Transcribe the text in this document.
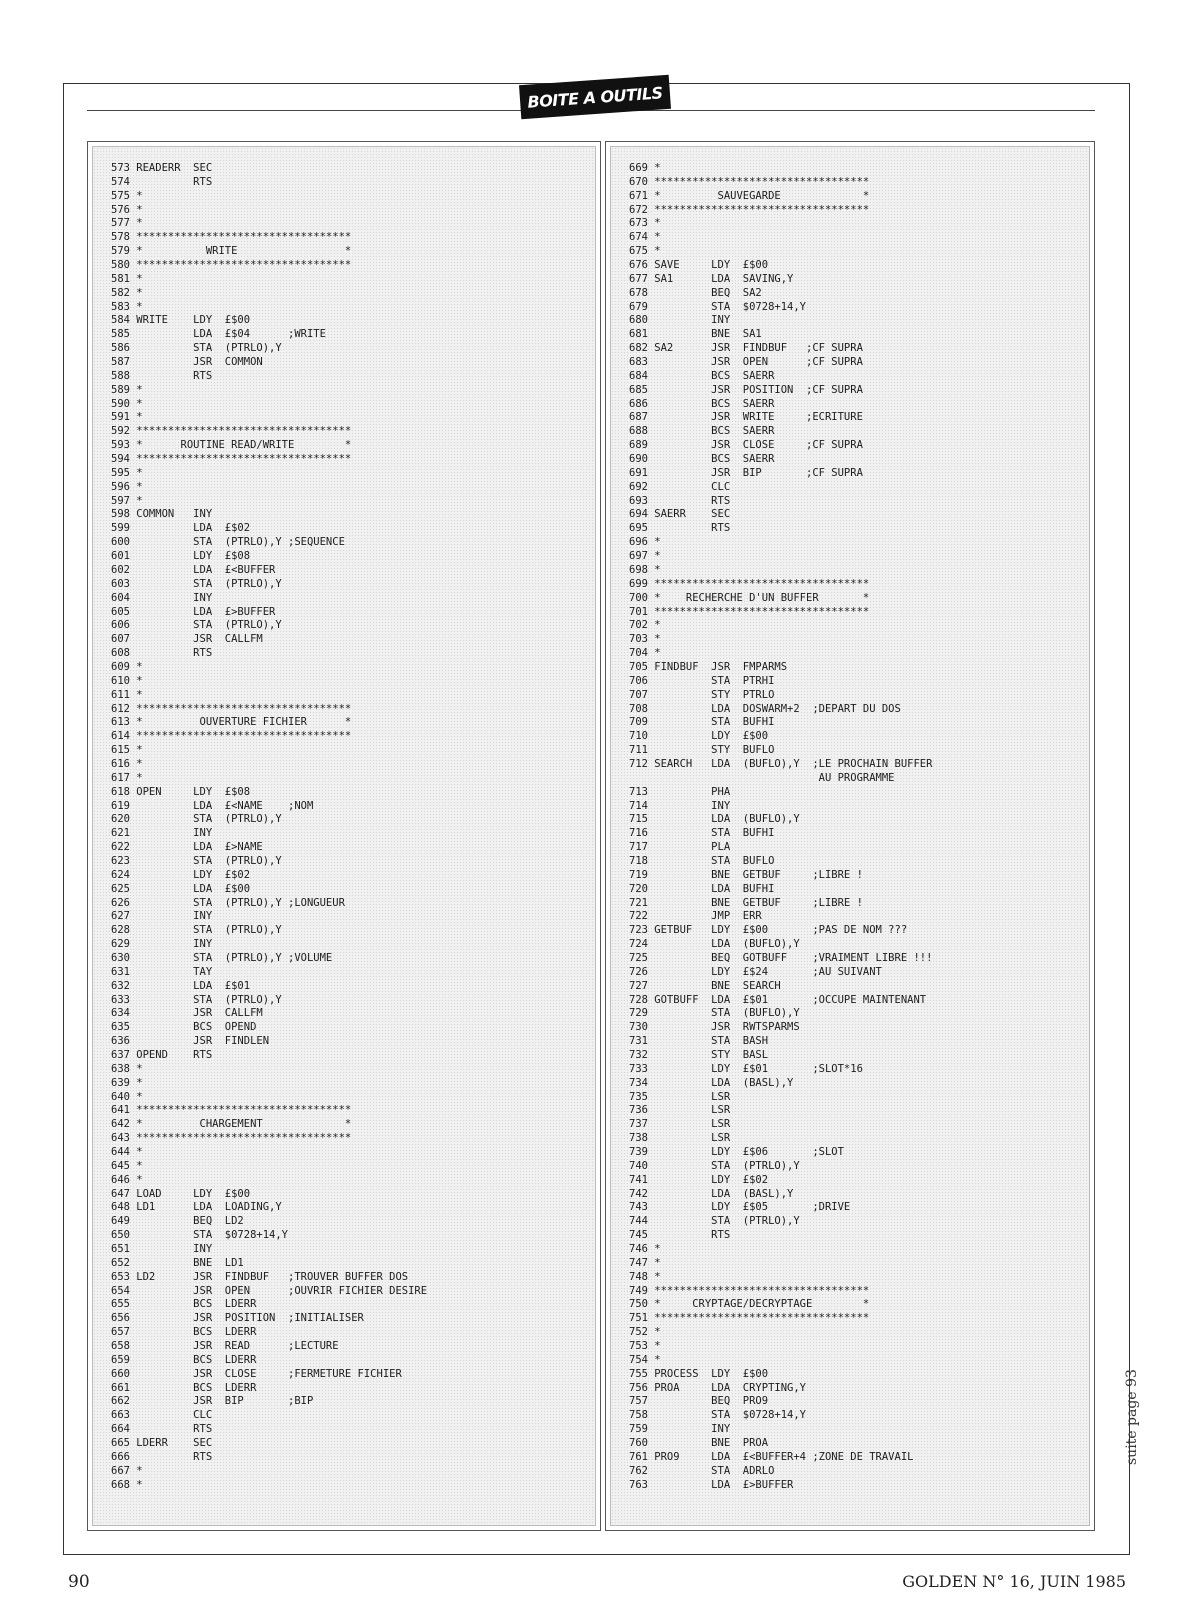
BOITE A OUTILS
573 READERR  SEC
574          RTS
575 *
576 *
577 *
578 **********************************
579 *          WRITE                 *
580 **********************************
581 *
582 *
583 *
584 WRITE    LDY  £$00
585          LDA  £$04      ;WRITE
586          STA  (PTRLO),Y
587          JSR  COMMON
588          RTS
589 *
590 *
591 *
592 **********************************
593 *      ROUTINE READ/WRITE        *
594 **********************************
595 *
596 *
597 *
598 COMMON   INY
599          LDA  £$02
600          STA  (PTRLO),Y ;SEQUENCE
601          LDY  £$08
602          LDA  £<BUFFER
603          STA  (PTRLO),Y
604          INY
605          LDA  £>BUFFER
606          STA  (PTRLO),Y
607          JSR  CALLFM
608          RTS
609 *
610 *
611 *
612 **********************************
613 *         OUVERTURE FICHIER      *
614 **********************************
615 *
616 *
617 *
618 OPEN     LDY  £$08
619          LDA  £<NAME    ;NOM
620          STA  (PTRLO),Y
621          INY
622          LDA  £>NAME
623          STA  (PTRLO),Y
624          LDY  £$02
625          LDA  £$00
626          STA  (PTRLO),Y ;LONGUEUR
627          INY
628          STA  (PTRLO),Y
629          INY
630          STA  (PTRLO),Y ;VOLUME
631          TAY
632          LDA  £$01
633          STA  (PTRLO),Y
634          JSR  CALLFM
635          BCS  OPEND
636          JSR  FINDLEN
637 OPEND    RTS
638 *
639 *
640 *
641 **********************************
642 *         CHARGEMENT             *
643 **********************************
644 *
645 *
646 *
647 LOAD     LDY  £$00
648 LD1      LDA  LOADING,Y
649          BEQ  LD2
650          STA  $0728+14,Y
651          INY
652          BNE  LD1
653 LD2      JSR  FINDBUF   ;TROUVER BUFFER DOS
654          JSR  OPEN      ;OUVRIR FICHIER DESIRE
655          BCS  LDERR
656          JSR  POSITION  ;INITIALISER
657          BCS  LDERR
658          JSR  READ      ;LECTURE
659          BCS  LDERR
660          JSR  CLOSE     ;FERMETURE FICHIER
661          BCS  LDERR
662          JSR  BIP       ;BIP
663          CLC
664          RTS
665 LDERR    SEC
666          RTS
667 *
668 *
669 *
670 **********************************
671 *         SAUVEGARDE             *
672 **********************************
673 *
674 *
675 *
676 SAVE     LDY  £$00
677 SA1      LDA  SAVING,Y
678          BEQ  SA2
679          STA  $0728+14,Y
680          INY
681          BNE  SA1
682 SA2      JSR  FINDBUF   ;CF SUPRA
683          JSR  OPEN      ;CF SUPRA
684          BCS  SAERR
685          JSR  POSITION  ;CF SUPRA
686          BCS  SAERR
687          JSR  WRITE     ;ECRITURE
688          BCS  SAERR
689          JSR  CLOSE     ;CF SUPRA
690          BCS  SAERR
691          JSR  BIP       ;CF SUPRA
692          CLC
693          RTS
694 SAERR    SEC
695          RTS
696 *
697 *
698 *
699 **********************************
700 *    RECHERCHE D'UN BUFFER       *
701 **********************************
702 *
703 *
704 *
705 FINDBUF  JSR  FMPARMS
706          STA  PTRHI
707          STY  PTRLO
708          LDA  DOSWARM+2  ;DEPART DU DOS
709          STA  BUFHI
710          LDY  £$00
711          STY  BUFLO
712 SEARCH   LDA  (BUFLO),Y  ;LE PROCHAIN BUFFER
AU PROGRAMME
713          PHA
714          INY
715          LDA  (BUFLO),Y
716          STA  BUFHI
717          PLA
718          STA  BUFLO
719          BNE  GETBUF     ;LIBRE !
720          LDA  BUFHI
721          BNE  GETBUF     ;LIBRE !
722          JMP  ERR
723 GETBUF   LDY  £$00       ;PAS DE NOM ???
724          LDA  (BUFLO),Y
725          BEQ  GOTBUFF    ;VRAIMENT LIBRE !!!
726          LDY  £$24       ;AU SUIVANT
727          BNE  SEARCH
728 GOTBUFF  LDA  £$01       ;OCCUPE MAINTENANT
729          STA  (BUFLO),Y
730          JSR  RWTSPARMS
731          STA  BASH
732          STY  BASL
733          LDY  £$01       ;SLOT*16
734          LDA  (BASL),Y
735          LSR
736          LSR
737          LSR
738          LSR
739          LDY  £$06       ;SLOT
740          STA  (PTRLO),Y
741          LDY  £$02
742          LDA  (BASL),Y
743          LDY  £$05       ;DRIVE
744          STA  (PTRLO),Y
745          RTS
746 *
747 *
748 *
749 **********************************
750 *     CRYPTAGE/DECRYPTAGE        *
751 **********************************
752 *
753 *
754 *
755 PROCESS  LDY  £$00
756 PROA     LDA  CRYPTING,Y
757          BEQ  PRO9
758          STA  $0728+14,Y
759          INY
760          BNE  PROA
761 PRO9     LDA  £<BUFFER+4 ;ZONE DE TRAVAIL
762          STA  ADRLO
763          LDA  £>BUFFER
suite page 93
90	GOLDEN N° 16, JUIN 1985
